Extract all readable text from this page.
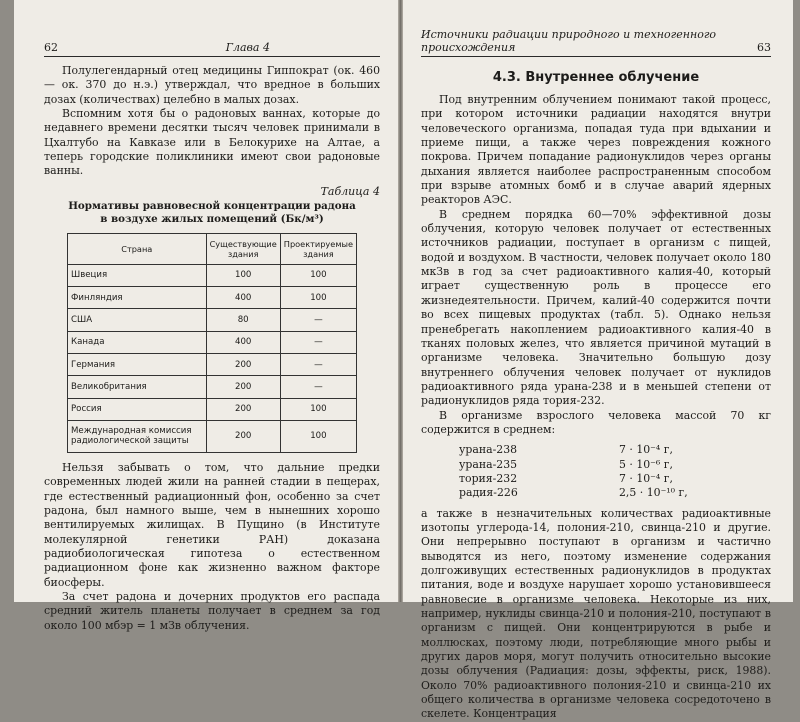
62	Глава 4

Полулегендарный отец медицины Гиппократ (ок. 460 — ок. 370 до н.э.) утверждал, что вредное в больших дозах (количествах) целебно в малых дозах.

Вспомним хотя бы о радоновых ваннах, которые до недавнего времени десятки тысяч человек принимали в Цхалтубо на Кавказе или в Белокурихе на Алтае, а теперь городские поликлиники имеют свои радоновые ванны.

Таблица 4
Нормативы равновесной концентрации радона
в воздухе жилых помещений (Бк/м³)
Страна	Существующие здания	Проектируемые здания
Швеция	100	100
Финляндия	400	100
США	80	—
Канада	400	—
Германия	200	—
Великобритания	200	—
Россия	200	100
Международная комиссия радиологической защиты	200	100

Нельзя забывать о том, что дальние предки современных людей жили на ранней стадии в пещерах, где естественный радиационный фон, особенно за счет радона, был намного выше, чем в нынешних хорошо вентилируемых жилищах. В Пущино (в Институте молекулярной генетики РАН) доказана радиобиологическая гипотеза о естественном радиационном фоне как жизненно важном факторе биосферы.

За счет радона и дочерних продуктов его распада средний житель планеты получает в среднем за год около 100 мбэр = 1 мЗв облучения.

Источники радиации природного и техногенного происхождения	63
4.3. Внутреннее облучение

Под внутренним облучением понимают такой процесс, при котором источники радиации находятся внутри человеческого организма, попадая туда при вдыхании и приеме пищи, а также через повреждения кожного покрова. Причем попадание радионуклидов через органы дыхания является наиболее распространенным способом при взрыве атомных бомб и в случае аварий ядерных реакторов АЭС.

В среднем порядка 60—70% эффективной дозы облучения, которую человек получает от естественных источников радиации, поступает в организм с пищей, водой и воздухом. В частности, человек получает около 180 мкЗв в год за счет радиоактивного калия-40, который играет существенную роль в процессе его жизнедеятельности. Причем, калий-40 содержится почти во всех пищевых продуктах (табл. 5). Однако нельзя пренебрегать накоплением радиоактивного калия-40 в тканях половых желез, что является причиной мутаций в организме человека. Значительно большую дозу внутреннего облучения человек получает от нуклидов радиоактивного ряда урана-238 и в меньшей степени от радионуклидов ряда тория-232.

В организме взрослого человека массой 70 кг содержится в среднем:

урана-238	7 · 10⁻⁴ г,
урана-235	5 · 10⁻⁶ г,
тория-232	7 · 10⁻⁴ г,
радия-226	2,5 · 10⁻¹⁰ г,

а также в незначительных количествах радиоактивные изотопы углерода-14, полония-210, свинца-210 и другие. Они непрерывно поступают в организм и частично выводятся из него, поэтому изменение содержания долгоживущих естественных радионуклидов в продуктах питания, воде и воздухе нарушает хорошо установившееся равновесие в организме человека. Некоторые из них, например, нуклиды свинца-210 и полония-210, поступают в организм с пищей. Они концентрируются в рыбе и моллюсках, поэтому люди, потребляющие много рыбы и других даров моря, могут получить относительно высокие дозы облучения (Радиация: дозы, эффекты, риск, 1988). Около 70% радиоактивного полония-210 и свинца-210 их общего количества в организме человека сосредоточено в скелете. Концентрация
